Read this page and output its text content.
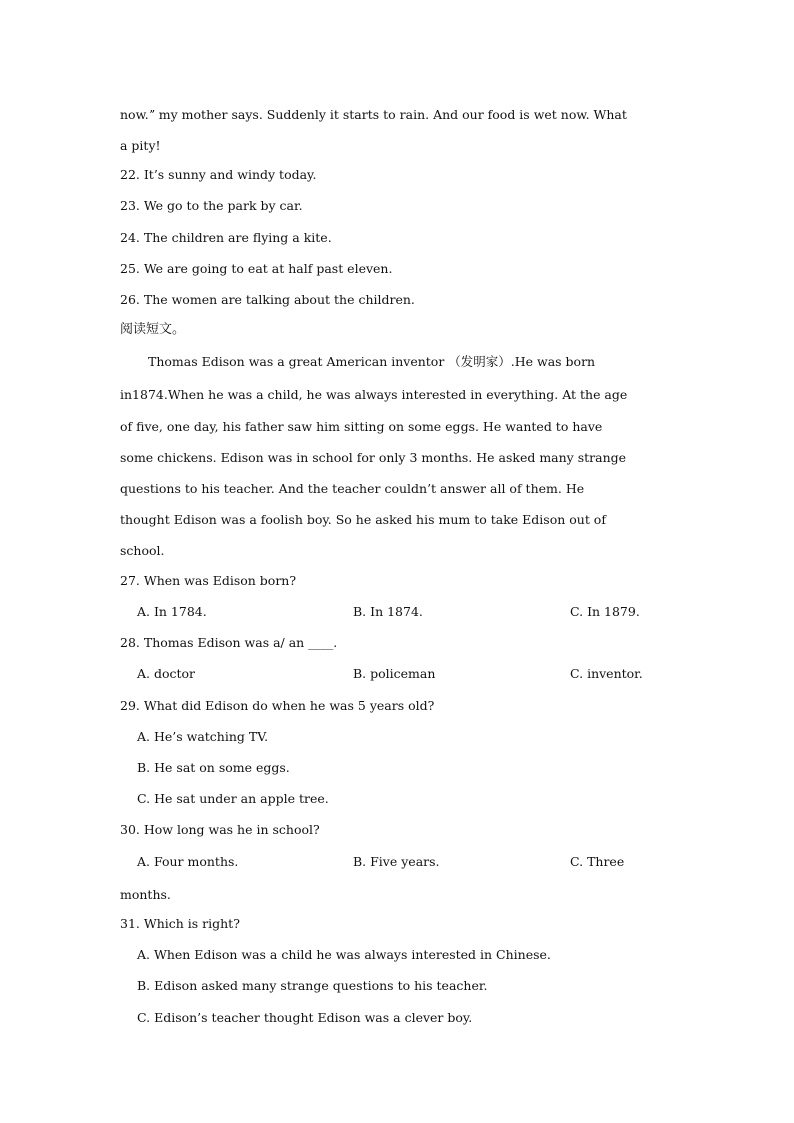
now.ˮ my mother says. Suddenly it starts to rain. And our food is wet now. What
a pity!
22. It’s sunny and windy today.
23. We go to the park by car.
24. The children are flying a kite.
25. We are going to eat at half past eleven.
26. The women are talking about the children.
阅读短文。
Thomas Edison was a great American inventor （发明家）.He was born
in1874.When he was a child, he was always interested in everything. At the age
of five, one day, his father saw him sitting on some eggs. He wanted to have
some chickens. Edison was in school for only 3 months. He asked many strange
questions to his teacher. And the teacher couldn’t answer all of them. He
thought Edison was a foolish boy. So he asked his mum to take Edison out of
school.
27. When was Edison born?
A. In 1784.	B. In 1874.	C. In 1879.
28. Thomas Edison was a/ an ____.
A. doctor	B. policeman	C. inventor.
29. What did Edison do when he was 5 years old?
A. He’s watching TV.
B. He sat on some eggs.
C. He sat under an apple tree.
30. How long was he in school?
A. Four months.	B. Five years.	C. Three
months.
31. Which is right?
A. When Edison was a child he was always interested in Chinese.
B. Edison asked many strange questions to his teacher.
C. Edison’s teacher thought Edison was a clever boy.
